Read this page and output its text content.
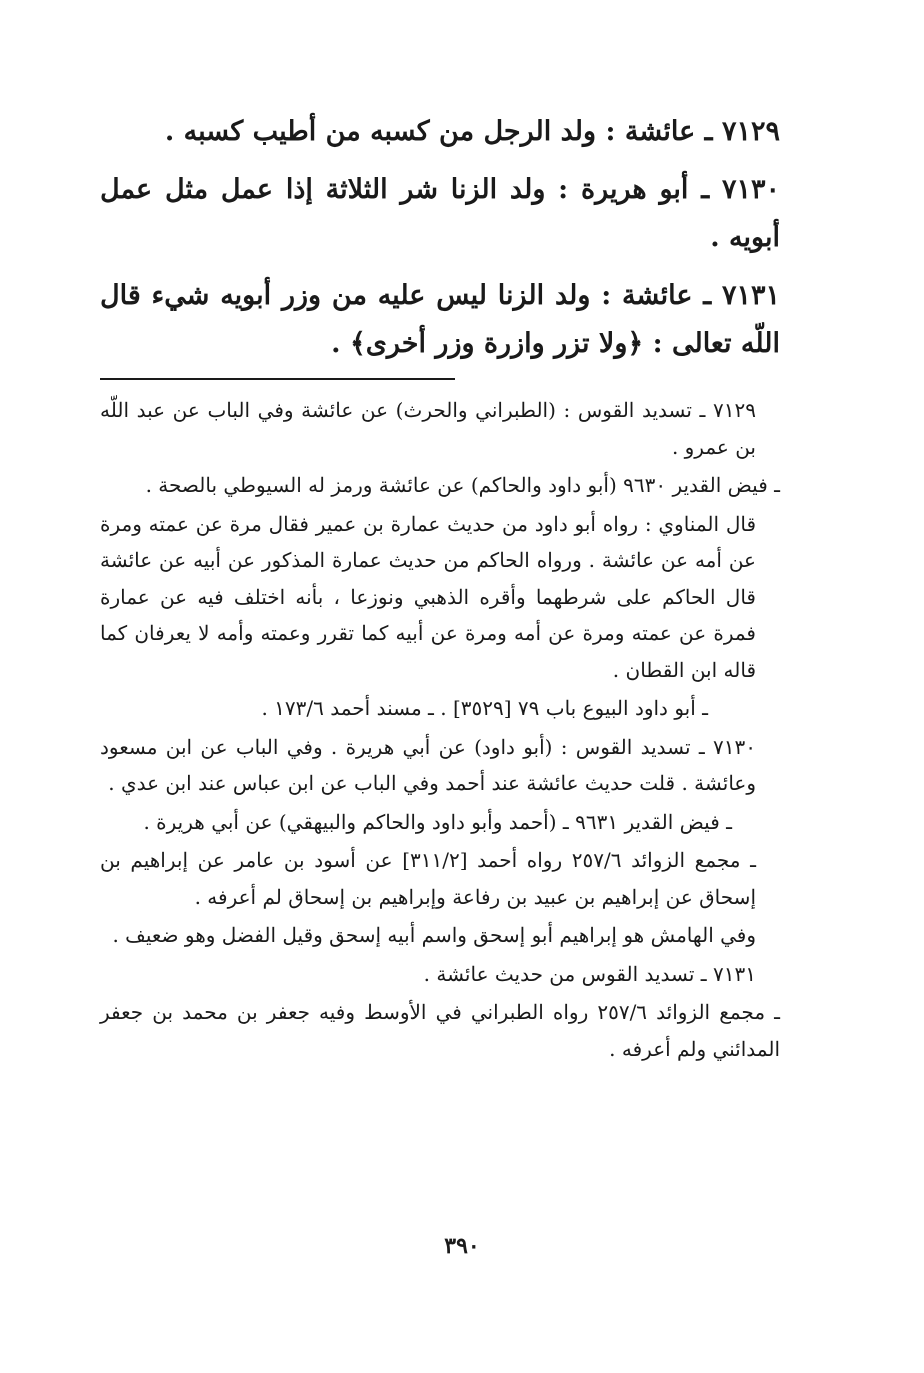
٧١٢٩ ـ عائشة : ولد الرجل من كسبه من أطيب كسبه .

٧١٣٠ ـ أبو هريرة : ولد الزنا شر الثلاثة إذا عمل مثل عمل أبويه .

٧١٣١ ـ عائشة : ولد الزنا ليس عليه من وزر أبويه شيء قال اللّه تعالى : ﴿ولا تزر وازرة وزر أخرى﴾ .

٧١٢٩ ـ تسديد القوس : (الطبراني والحرث) عن عائشة وفي الباب عن عبد اللّه بن عمرو .

ـ فيض القدير ٩٦٣٠ (أبو داود والحاكم) عن عائشة ورمز له السيوطي بالصحة .

قال المناوي : رواه أبو داود من حديث عمارة بن عمير فقال مرة عن عمته ومرة عن أمه عن عائشة . ورواه الحاكم من حديث عمارة المذكور عن أبيه عن عائشة قال الحاكم على شرطهما وأقره الذهبي ونوزعا ، بأنه اختلف فيه عن عمارة فمرة عن عمته ومرة عن أمه ومرة عن أبيه كما تقرر وعمته وأمه لا يعرفان كما قاله ابن القطان .

ـ أبو داود البيوع باب ٧٩ [٣٥٢٩] . ـ مسند أحمد ١٧٣/٦ .

٧١٣٠ ـ تسديد القوس : (أبو داود) عن أبي هريرة . وفي الباب عن ابن مسعود وعائشة . قلت حديث عائشة عند أحمد وفي الباب عن ابن عباس عند ابن عدي .

ـ فيض القدير ٩٦٣١ ـ (أحمد وأبو داود والحاكم والبيهقي) عن أبي هريرة .

ـ مجمع الزوائد ٢٥٧/٦ رواه أحمد [٣١١/٢] عن أسود بن عامر عن إبراهيم بن إسحاق عن إبراهيم بن عبيد بن رفاعة وإبراهيم بن إسحاق لم أعرفه .

وفي الهامش هو إبراهيم أبو إسحق واسم أبيه إسحق وقيل الفضل وهو ضعيف .

٧١٣١ ـ تسديد القوس من حديث عائشة .

ـ مجمع الزوائد ٢٥٧/٦ رواه الطبراني في الأوسط وفيه جعفر بن محمد بن جعفر المدائني ولم أعرفه .

٣٩٠
